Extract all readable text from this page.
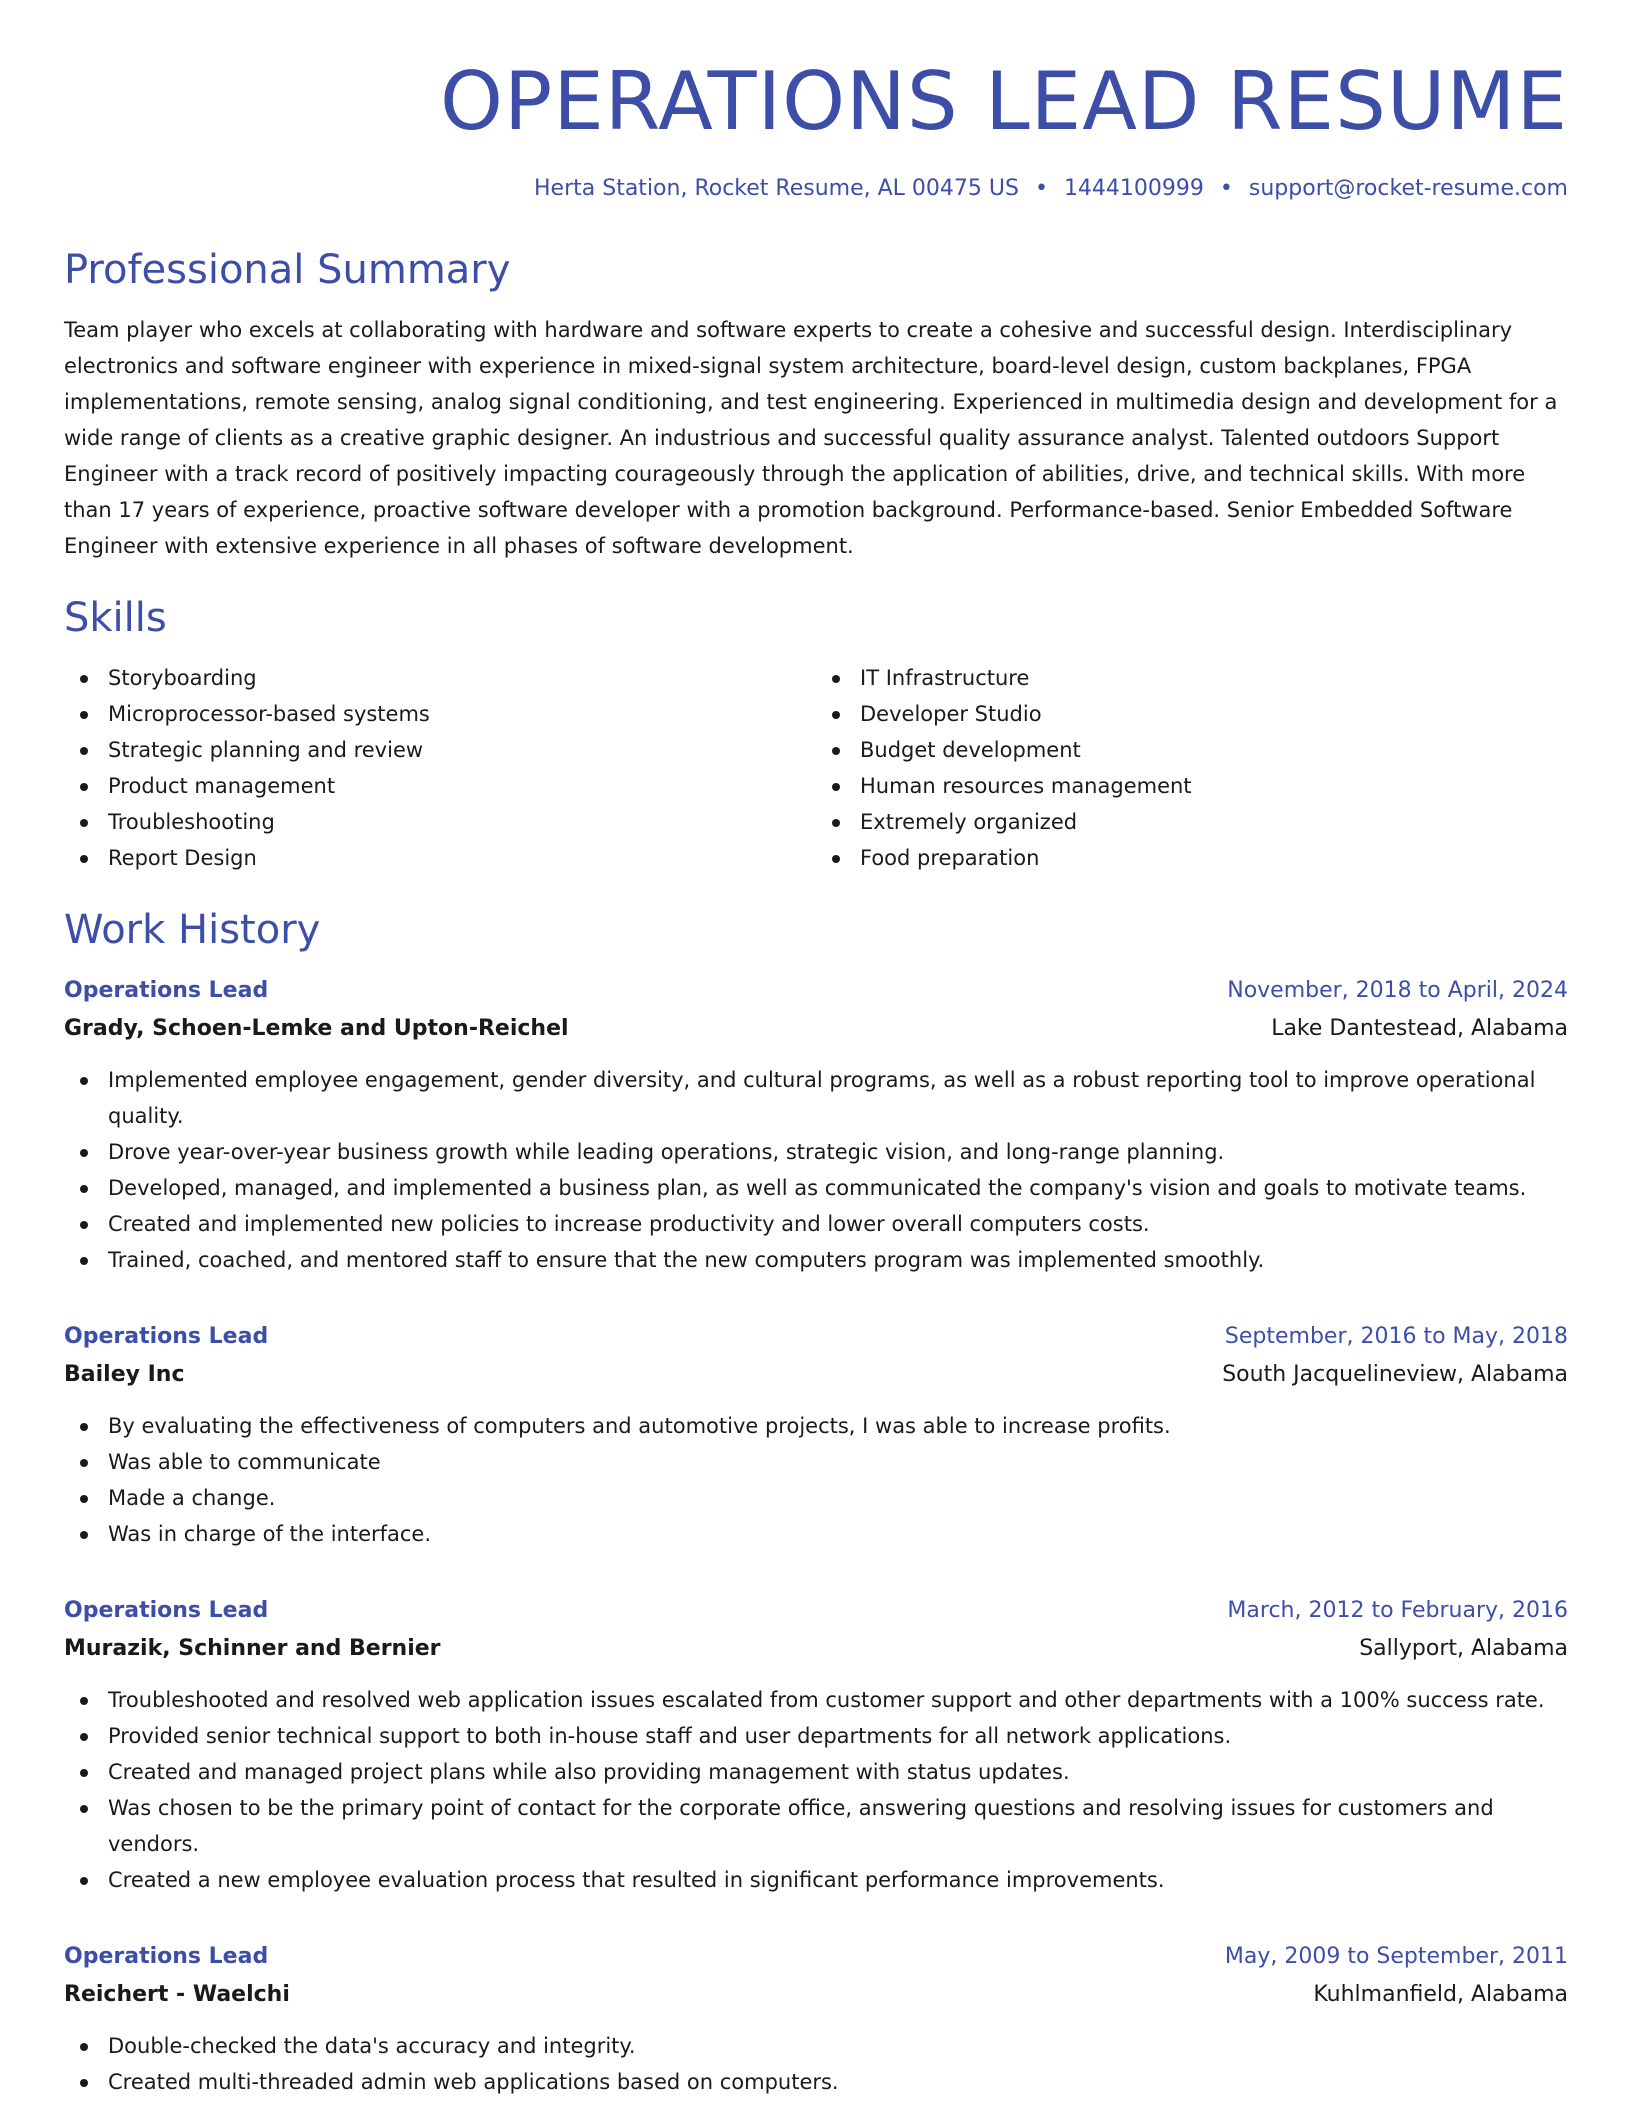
OPERATIONS LEAD RESUME
Herta Station, Rocket Resume, AL 00475 US • 1444100999 • support@rocket-resume.com
Professional Summary

Team player who excels at collaborating with hardware and software experts to create a cohesive and successful design. Interdisciplinary electronics and software engineer with experience in mixed-signal system architecture, board-level design, custom backplanes, FPGA implementations, remote sensing, analog signal conditioning, and test engineering. Experienced in multimedia design and development for a wide range of clients as a creative graphic designer. An industrious and successful quality assurance analyst. Talented outdoors Support Engineer with a track record of positively impacting courageously through the application of abilities, drive, and technical skills. With more than 17 years of experience, proactive software developer with a promotion background. Performance-based. Senior Embedded Software Engineer with extensive experience in all phases of software development.

Skills
Storyboarding
Microprocessor-based systems
Strategic planning and review
Product management
Troubleshooting
Report Design
IT Infrastructure
Developer Studio
Budget development
Human resources management
Extremely organized
Food preparation
Work History
Operations Lead	November, 2018 to April, 2024
Grady, Schoen-Lemke and Upton-Reichel	Lake Dantestead, Alabama
Implemented employee engagement, gender diversity, and cultural programs, as well as a robust reporting tool to improve operational quality.
Drove year-over-year business growth while leading operations, strategic vision, and long-range planning.
Developed, managed, and implemented a business plan, as well as communicated the company's vision and goals to motivate teams.
Created and implemented new policies to increase productivity and lower overall computers costs.
Trained, coached, and mentored staff to ensure that the new computers program was implemented smoothly.
Operations Lead	September, 2016 to May, 2018
Bailey Inc	South Jacquelineview, Alabama
By evaluating the effectiveness of computers and automotive projects, I was able to increase profits.
Was able to communicate
Made a change.
Was in charge of the interface.
Operations Lead	March, 2012 to February, 2016
Murazik, Schinner and Bernier	Sallyport, Alabama
Troubleshooted and resolved web application issues escalated from customer support and other departments with a 100% success rate.
Provided senior technical support to both in-house staff and user departments for all network applications.
Created and managed project plans while also providing management with status updates.
Was chosen to be the primary point of contact for the corporate office, answering questions and resolving issues for customers and vendors.
Created a new employee evaluation process that resulted in significant performance improvements.
Operations Lead	May, 2009 to September, 2011
Reichert - Waelchi	Kuhlmanfield, Alabama
Double-checked the data's accuracy and integrity.
Created multi-threaded admin web applications based on computers.
